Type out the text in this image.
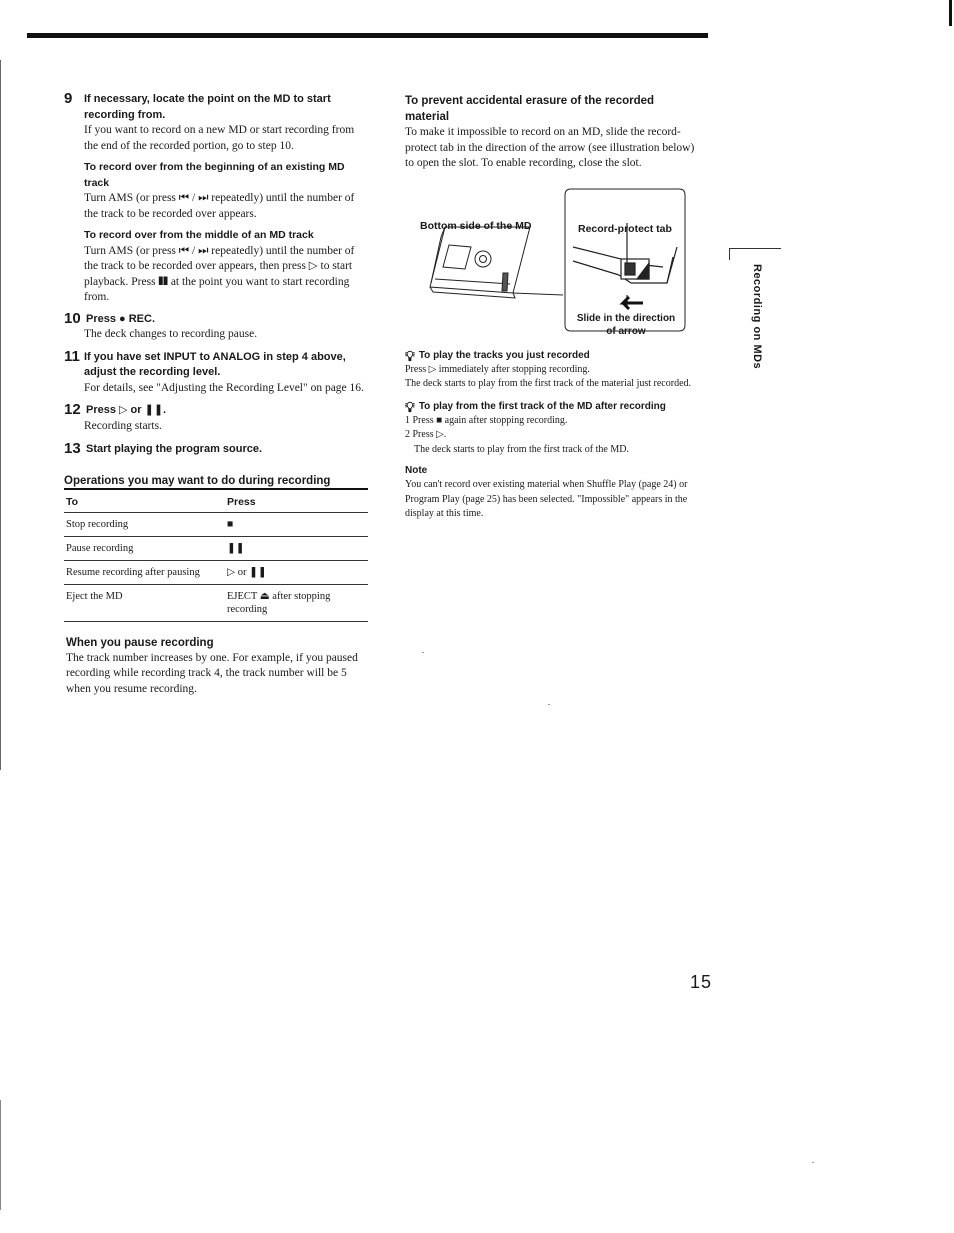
9 If necessary, locate the point on the MD to start recording from.
If you want to record on a new MD or start recording from the end of the recorded portion, go to step 10.
To record over from the beginning of an existing MD track
Turn AMS (or press ⏮ / ⏭ repeatedly) until the number of the track to be recorded over appears.
To record over from the middle of an MD track
Turn AMS (or press ⏮ / ⏭ repeatedly) until the number of the track to be recorded over appears, then press ▷ to start playback. Press ❚❚ at the point you want to start recording from.
10 Press ● REC.
The deck changes to recording pause.
11 If you have set INPUT to ANALOG in step 4 above, adjust the recording level.
For details, see "Adjusting the Recording Level" on page 16.
12 Press ▷ or ❚❚.
Recording starts.
13 Start playing the program source.
Operations you may want to do during recording
To	Press
Stop recording	■
Pause recording	❚❚
Resume recording after pausing	▷ or ❚❚
Eject the MD	EJECT ⏏ after stopping recording
When you pause recording
The track number increases by one. For example, if you paused recording while recording track 4, the track number will be 5 when you resume recording.
To prevent accidental erasure of the recorded material
To make it impossible to record on an MD, slide the record-protect tab in the direction of the arrow (see illustration below) to open the slot. To enable recording, close the slot.
Bottom side of the MD	Record-protect tab
Slide in the direction
of arrow
💡︎ To play the tracks you just recorded
Press ▷ immediately after stopping recording.
The deck starts to play from the first track of the material just recorded.
💡︎ To play from the first track of the MD after recording
1 Press ■ again after stopping recording.
2 Press ▷.
The deck starts to play from the first track of the MD.
Note
You can't record over existing material when Shuffle Play (page 24) or Program Play (page 25) has been selected. "Impossible" appears in the display at this time.
Recording on MDs
15
